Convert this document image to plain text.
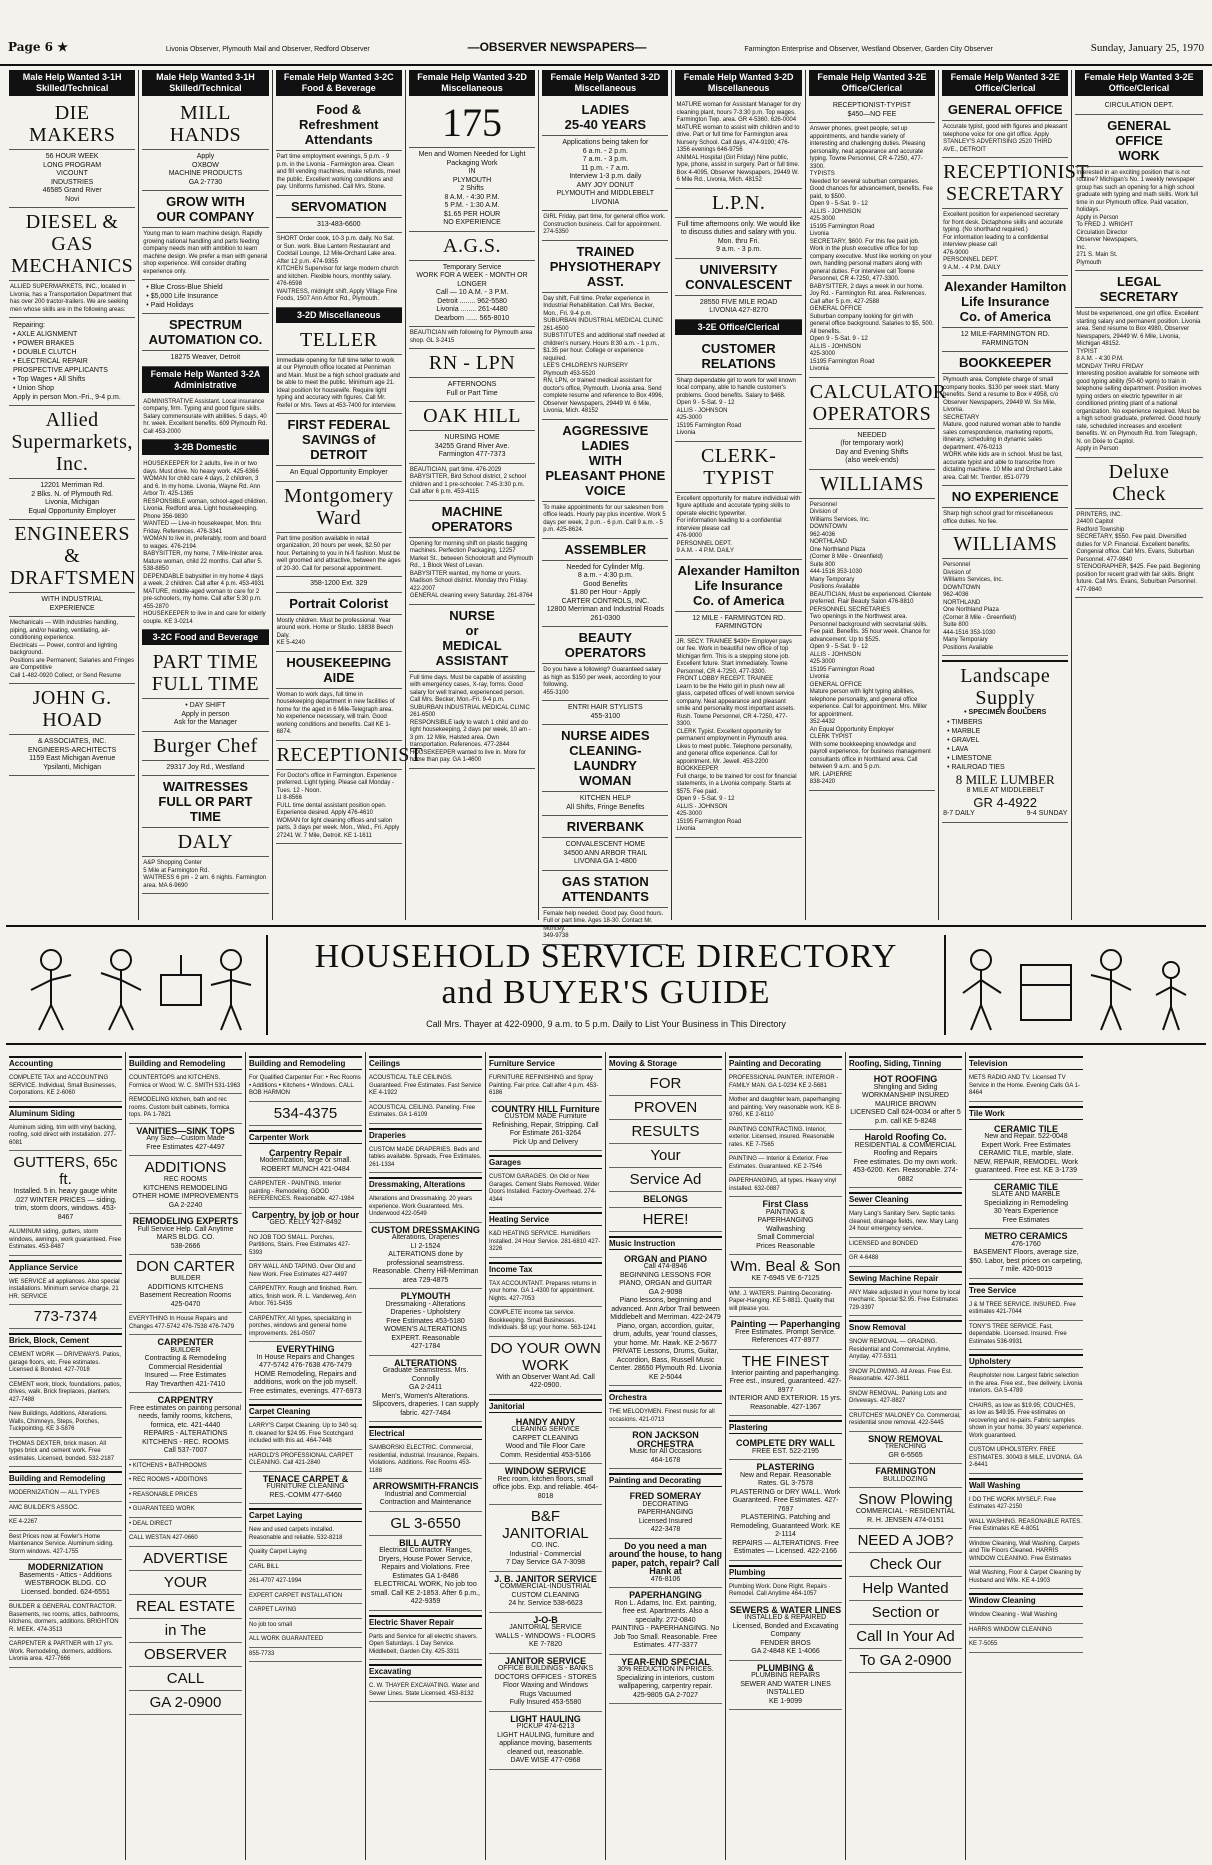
Page 6 ★	Livonia Observer, Plymouth Mail and Observer, Redford Observer	—OBSERVER NEWSPAPERS—	Farmington Enterprise and Observer, Westland Observer, Garden City Observer	Sunday, January 25, 1970
Male Help Wanted 3-1H Skilled/Technical
DIE MAKERS
56 HOUR WEEK
LONG PROGRAM
VICOUNT
INDUSTRIES
46585 Grand River
Novi
DIESEL & GAS
MECHANICS
ALLIED SUPERMARKETS, INC., located in Livonia, has a Transportation Department that has over 200 tractor-trailers. We are seeking men whose skills are in the following areas:
Repairing:
• AXLE ALIGNMENT
• POWER BRAKES
• DOUBLE CLUTCH
• ELECTRICAL REPAIR
PROSPECTIVE APPLICANTS
• Top Wages • All Shifts
• Union Shop
Apply in person Mon.-Fri., 9-4 p.m.
Allied
Supermarkets,
Inc.
12201 Merriman Rd.
2 Blks. N. of Plymouth Rd.
Livonia, Michigan
Equal Opportunity Employer
ENGINEERS
&
DRAFTSMEN
WITH INDUSTRIAL
EXPERIENCE
Mechanicals — With industries handling, piping, and/or heating, ventilating, air-conditioning experience.
Electricals — Power, control and lighting background.
Positions are Permanent; Salaries and Fringes are Competitive
Call 1-482-0920 Collect, or Send Resume
JOHN G.
HOAD
& ASSOCIATES, INC.
ENGINEERS-ARCHITECTS
1159 East Michigan Avenue
Ypsilanti, Michigan
Male Help Wanted 3-1H Skilled/Technical
MILL HANDS
Apply
OXBOW
MACHINE PRODUCTS
GA 2-7730
GROW WITH
OUR COMPANY
Young man to learn machine design. Rapidly growing national handling and parts feeding company needs man with ambition to learn machine design. We prefer a man with general shop experience. Will consider drafting experience only.
• Blue Cross-Blue Shield
• $5,000 Life Insurance
• Paid Holidays
SPECTRUM
AUTOMATION CO.
18275 Weaver, Detroit
Female Help Wanted 3-2A Administrative
ADMINISTRATIVE Assistant. Local insurance company, firm. Typing and good figure skills. Salary commensurate with abilities. 5 days, 40 hr. week. Excellent benefits. 609 Plymouth Rd. Call 453-2000
3-2B Domestic
HOUSEKEEPER for 2 adults, live in or two days. Must drive. No heavy work. 425-6366
WOMAN for child care 4 days, 2 children, 3 and 6. In my home. Livonia, Wayne Rd. Ann Arbor Tr. 425-1365
RESPONSIBLE woman, school-aged children. Livonia. Redford area. Light housekeeping. Phone 356-9830
WANTED — Live-in housekeeper, Mon. thru Friday. References. 476-3341
WOMAN to live in, preferably, room and board to wages. 476-2194
BABYSITTER, my home, 7 Mile-Inkster area. Mature woman, child 22 months. Call after 5. 538-8850
DEPENDABLE babysitter in my home 4 days a week. 2 children. Call after 4 p.m. 453-4931
MATURE, middle-aged woman to care for 2 pre-schoolers, my home. Call after 5:30 p.m. 455-2870
HOUSEKEEPER to live in and care for elderly couple. KE 3-0214
3-2C Food and Beverage
PART TIME
FULL TIME
• DAY SHIFT
Apply in person
Ask for the Manager
Burger Chef
29317 Joy Rd., Westland
WAITRESSES
FULL OR PART TIME
DALY
A&P Shopping Center
5 Mile at Farmington Rd.
WAITRESS 6 pm - 2 am. 6 nights. Farmington area. MA 6-9690
Female Help Wanted 3-2C Food & Beverage
Food & Refreshment
Attendants
Part time employment evenings, 5 p.m. - 9 p.m. in the Livonia - Farmington area. Clean and fill vending machines, make refunds, meet the public. Excellent working conditions and pay. Uniforms furnished. Call Mrs. Stone.
SERVOMATION
313-483-6600
SHORT Order cook, 10-3 p.m. daily. No Sat. or Sun. work. Blue Lantern Restaurant and Cocktail Lounge, 12 Mile-Orchard Lake area. After 12 p.m. 474-9355
KITCHEN Supervisor for large modern church and kitchen. Flexible hours, monthly salary. 476-6598
WAITRESS, midnight shift. Apply Village Fine Foods, 1507 Ann Arbor Rd., Plymouth.
3-2D Miscellaneous
TELLER
Immediate opening for full time teller to work at our Plymouth office located at Penniman and Main. Must be a high school graduate and be able to meet the public. Minimum age 21. Ideal position for housewife. Require light typing and accuracy with figures. Call Mr. Reifel or Mrs. Tews at 453-7400 for interview.
FIRST FEDERAL
SAVINGS of DETROIT
An Equal Opportunity Employer
Montgomery
Ward
Part time position available in retail organization, 20 hours per week, $2.50 per hour. Pertaining to you in hi-fi fashion. Must be well groomed and attractive, between the ages of 20-30. Call for personal appointment.
358-1200 Ext. 329
Portrait Colorist
Mostly children. Must be professional. Year around work. Home or Studio. 18838 Beech Daly.
KE 5-4240
HOUSEKEEPING
AIDE
Woman to work days, full time in housekeeping department in new facilities of home for the aged in 6 Mile-Telegraph area. No experience necessary, will train. Good working conditions and benefits. Call KE 1-6874.
RECEPTIONIST
For Doctor's office in Farmington. Experience preferred. Light typing. Please call Monday - Tues. 12 - Noon.
LI 8-8566
FULL time dental assistant position open. Experience desired. Apply 476-4610
WOMAN for light cleaning offices and salon parts, 3 days per week. Mon., Wed., Fri. Apply 27241 W. 7 Mile, Detroit. KE 1-1611
Female Help Wanted 3-2D Miscellaneous
175
Men and Women Needed for Light Packaging Work
IN
PLYMOUTH
2 Shifts
8 A.M. - 4:30 P.M.
5 P.M. - 1:30 A.M.
$1.65 PER HOUR
NO EXPERIENCE
A.G.S.
Temporary Service
WORK FOR A WEEK - MONTH OR LONGER
Call — 10 A.M. - 3 P.M.
Detroit ........ 962-5580
Livonia ........ 261-4480
Dearborn ...... 565-8010
BEAUTICIAN with following for Plymouth area shop. GL 3-2415
RN - LPN
AFTERNOONS
Full or Part Time
OAK HILL
NURSING HOME
34255 Grand River Ave.
Farmington 477-7373
BEAUTICIAN, part time. 476-2029
BABYSITTER, Bird School district, 2 school children and 1 pre-schooler. 7:45-3:30 p.m. Call after 6 p.m. 453-4115
MACHINE
OPERATORS
Opening for morning shift on plastic bagging machines. Perfection Packaging, 12257 Market St., between Schoolcraft and Plymouth Rd., 1 Block West of Levan.
BABYSITTER wanted, my home or yours. Madison School district. Monday thru Friday. 422-2007
GENERAL cleaning every Saturday. 261-8764
NURSE
or
MEDICAL ASSISTANT
Full time days. Must be capable of assisting with emergency cases, X-ray, forms. Good salary for well trained, experienced person. Call Mrs. Becker, Mon.-Fri. 9-4 p.m.
SUBURBAN INDUSTRIAL MEDICAL CLINIC
261-6500
RESPONSIBLE lady to watch 1 child and do light housekeeping, 2 days per week, 10 am - 3 pm. 12 Mile, Halsted area. Own transportation. References. 477-2844
HOUSEKEEPER wanted to live in. More for home than pay. GA 1-4600
Female Help Wanted 3-2D Miscellaneous
LADIES
25-40 YEARS
Applications being taken for
6 a.m. - 2 p.m.
7 a.m. - 3 p.m.
11 p.m. - 7 a.m.
Interview 1-3 p.m. daily
AMY JOY DONUT
PLYMOUTH and MIDDLEBELT
LIVONIA
GIRL Friday, part time, for general office work. Construction business. Call for appointment. 274-5350
TRAINED
PHYSIOTHERAPY ASST.
Day shift, Full time. Prefer experience in Industrial Rehabilitation. Call Mrs. Becker, Mon., Fri. 9-4 p.m.
SUBURBAN INDUSTRIAL MEDICAL CLINIC 261-6500
SUBSTITUTES and additional staff needed at children's nursery. Hours 8:30 a.m. - 1 p.m., $1.35 per hour. College or experience required.
LEE'S CHILDREN'S NURSERY
Plymouth 453-5520
RN, LPN, or trained medical assistant for doctor's office, Plymouth. Livonia area. Send complete resume and reference to Box 4996, Observer Newspapers, 29449 W. 6 Mile, Livonia, Mich. 48152
AGGRESSIVE LADIES
WITH
PLEASANT PHONE
VOICE
To make appointments for our salesmen from office leads. Hourly pay plus incentive. Work 5 days per week, 2 p.m. - 6 p.m. Call 9 a.m. - 5 p.m. 425-8624.
ASSEMBLER
Needed for Cylinder Mfg.
8 a.m. - 4:30 p.m.
Good Benefits
$1.80 per Hour - Apply
CARTER CONTROLS, INC.
12800 Merriman and Industrial Roads
261-0300
BEAUTY OPERATORS
Do you have a following? Guaranteed salary as high as $150 per week, according to your following.
455-3100
ENTRI HAIR STYLISTS
455-3100
NURSE AIDES
CLEANING-LAUNDRY
WOMAN
KITCHEN HELP
All Shifts, Fringe Benefits
RIVERBANK
CONVALESCENT HOME
34500 ANN ARBOR TRAIL
LIVONIA GA 1-4800
GAS STATION
ATTENDANTS
Female help needed. Good pay. Good hours. Full or part time. Ages 18-30. Contact Mr. Muncey.
349-9738
Female Help Wanted 3-2D Miscellaneous
MATURE woman for Assistant Manager for dry cleaning plant, hours 7-3:30 p.m. Top wages. Farmington Twp. area. GR 4-5360. 626-0004
MATURE woman to assist with children and to drive. Part or full time for Farmington area Nursery School. Call days, 474-9190; 476-1356 evenings 646-9756
ANIMAL Hospital (Girl Friday) Nine public, type, phone, assist in surgery. Part or full time. Box 4-4095, Observer Newspapers, 29449 W. 6 Mile Rd., Livonia, Mich. 48152
L.P.N.
Full time afternoons only. We would like to discuss duties and salary with you.
Mon. thru Fri.
9 a.m. - 3 p.m.
UNIVERSITY
CONVALESCENT
28550 FIVE MILE ROAD
LIVONIA 427-8270
3-2E Office/Clerical
CUSTOMER RELATIONS
Sharp dependable girl to work for well known local company, able to handle customer's problems. Good benefits. Salary to $468.
Open 9 - 5-Sat. 9 - 12
ALLIS - JOHNSON
425-3000
15195 Farmington Road
Livonia
CLERK-TYPIST
Excellent opportunity for mature individual with figure aptitude and accurate typing skills to operate electric typewriter.
For information leading to a confidential interview please call
476-9000
PERSONNEL DEPT.
9 A.M. - 4 P.M. DAILY
Alexander Hamilton
Life Insurance
Co. of America
12 MILE - FARMINGTON RD.
FARMINGTON
JR. SECY. TRAINEE $430+ Employer pays our fee. Work in beautiful new office of top Michigan firm. This is a stepping stone job. Excellent future. Start immediately. Towne Personnel, CR 4-7250, 477-3300.
FRONT LOBBY RECEPT. TRAINEE
Learn to be the Hello girl in plush new all glass, carpeted offices of well known service company. Neat appearance and pleasant smile and personality most important assets. Rush. Towne Personnel, CR 4-7250, 477-3300.
CLERK Typist. Excellent opportunity for permanent employment in Plymouth area. Likes to meet public. Telephone personality, and general office experience. Call for appointment. Mr. Jewell. 453-2200
BOOKKEEPER
Full charge, to be trained for cost for financial statements, in a Livonia company. Starts at $575. Fee paid.
Open 9 - 5-Sat. 9 - 12
ALLIS - JOHNSON
425-3000
15195 Farmington Road
Livonia
Female Help Wanted 3-2E Office/Clerical
RECEPTIONIST-TYPIST
$450—NO FEE
Answer phones, greet people, set up appointments, and handle variety of interesting and challenging duties. Pleasing personality, neat appearance and accurate typing. Towne Personnel, CR 4-7250, 477-3300.
TYPISTS
Needed for several suburban companies. Good chances for advancement, benefits. Fee paid, to $500.
Open 9 - 5-Sat. 9 - 12
ALLIS - JOHNSON
425-3000
15195 Farmington Road
Livonia
SECRETARY, $600. For this fee paid job. Work in the plush executive office for top company executive. Must like working on your own, handling personal matters along with general duties. For interview call Towne Personnel, CR 4-7250, 477-3300.
BABYSITTER, 2 days a week in our home. Joy Rd. - Farmington Rd. area. References. Call after 5 p.m. 427-2588
GENERAL OFFICE
Suburban company looking for girl with general office background. Salaries to $5, 500. All benefits.
Open 9 - 5-Sat. 9 - 12
ALLIS - JOHNSON
425-3000
15195 Farmington Road
Livonia
CALCULATOR
OPERATORS
NEEDED
(for temporary work)
Day and Evening Shifts
(also week-ends)
WILLIAMS
Personnel
Division of
Williams Services, Inc.
DOWNTOWN
962-4036
NORTHLAND
One Northland Plaza
(Corner 8 Mile - Greenfield)
Suite 800
444-1516 353-1030
Many Temporary
Positions Available
BEAUTICIAN, Must be experienced. Clientele preferred. Flair Beauty Salon 476-8810
PERSONNEL SECRETARIES
Two openings in the Northwest area. Personnel background with secretarial skills. Fee paid. Benefits. 35 hour week. Chance for advancement. Up to $525.
Open 9 - 5-Sat. 9 - 12
ALLIS - JOHNSON
425-3000
15195 Farmington Road
Livonia
GENERAL OFFICE
Mature person with light typing abilities, telephone personality, and general office experience. Call for appointment. Mrs. Miller for appointment.
352-4432
An Equal Opportunity Employer
CLERK TYPIST
With some bookkeeping knowledge and payroll experience, for business management consultants office in Northland area. Call between 9 a.m. and 5 p.m.
MR. LAPIERRE
838-2420
Female Help Wanted 3-2E Office/Clerical
GENERAL OFFICE
Accurate typist, good with figures and pleasant telephone voice for one girl office. Apply STANLEY'S ADVERTISING 2520 THIRD AVE., DETROIT
RECEPTIONIST
SECRETARY
Excellent position for experienced secretary for front desk. Dictaphone skills and accurate typing. (No shorthand required.)
For information leading to a confidential interview please call
476-9000
PERSONNEL DEPT.
9 A.M. - 4 P.M. DAILY
Alexander Hamilton
Life Insurance
Co. of America
12 MILE-FARMINGTON RD.
FARMINGTON
BOOKKEEPER
Plymouth area. Complete charge of small company books. $130 per week start. Many benefits. Send a resume to Box # 4958, c/o Observer Newspapers, 29449 W. Six Mile, Livonia.
SECRETARY
Mature, good natured woman able to handle sales correspondence, marketing reports, itinerary, scheduling in dynamic sales department. 476-0213
WORK while kids are in school. Must be fast, accurate typist and able to transcribe from dictating machine. 10 Mile and Orchard Lake area. Call Mr. Trentler. 851-0779
NO EXPERIENCE
Sharp high school grad for miscellaneous office duties. No fee.
WILLIAMS
Personnel
Division of
Williams Services, Inc.
DOWNTOWN
962-4036
NORTHLAND
One Northland Plaza
(Corner 8 Mile - Greenfield)
Suite 800
444-1516 353-1030
Many Temporary
Positions Available
Landscape Supply
• SPECIMEN BOULDERS
• TIMBERS
• MARBLE
• GRAVEL
• LAVA
• LIMESTONE
• RAILROAD TIES
8 MILE LUMBER
8 MILE AT MIDDLEBELT
GR 4-4922
8-7 DAILY	9-4 SUNDAY
Female Help Wanted 3-2E Office/Clerical
CIRCULATION DEPT.
GENERAL
OFFICE
WORK
Interested in an exciting position that is not routine? Michigan's No. 1 weekly newspaper group has such an opening for a high school graduate with typing and math skills. Work full time in our Plymouth office. Paid vacation, holidays.
Apply in Person
To FRED J. WRIGHT
Circulation Director
Observer Newspapers,
Inc.
271 S. Main St.
Plymouth
LEGAL SECRETARY
Must be experienced, one girl office. Excellent starting salary and permanent position. Livonia area. Send resume to Box 4980, Observer Newspapers, 29449 W. 6 Mile, Livonia, Michigan 48152.
TYPIST
8 A.M. - 4:30 P.M.
MONDAY THRU FRIDAY
Interesting position available for someone with good typing ability (50-60 wpm) to train in telephone selling department. Position involves typing orders on electric typewriter in air conditioned printing plant of a national organization. No experience required. Must be a high school graduate, preferred. Good hourly rate, scheduled increases and excellent benefits. W. on Plymouth Rd. from Telegraph, N. on Dixie to Capitol.
Apply in Person
Deluxe
Check
PRINTERS, INC.
24400 Capitol
Redford Township
SECRETARY, $550. Fee paid. Diversified duties for V.P. Financial. Excellent benefits. Congenial office. Call Mrs. Evans, Suburban Personnel. 477-9840
STENOGRAPHER, $425. Fee paid. Beginning position for recent grad with fair skills. Bright future. Call Mrs. Evans, Suburban Personnel. 477-9840
HOUSEHOLD SERVICE DIRECTORY
and BUYER'S GUIDE
Call Mrs. Thayer at 422-0900, 9 a.m. to 5 p.m. Daily to List Your Business in This Directory
Accounting
COMPLETE TAX and ACCOUNTING SERVICE. Individual, Small Businesses, Corporations. KE 2-6060
Aluminum Siding
Aluminum siding, trim with vinyl backing, roofing, sold direct with installation. 277-6081
GUTTERS, 65c ft.
Installed. 5 in. heavy gauge white .027 WINTER PRICES — siding, trim, storm doors, windows. 453-8467
ALUMINUM siding, gutters, storm windows, awnings, work guaranteed. Free Estimates. 453-8487
Appliance Service
WE SERVICE all appliances. Also special installations. Minimum service charge. 21 HR. SERVICE
773-7374
Brick, Block, Cement
CEMENT WORK — DRIVEWAYS. Patios, garage floors, etc. Free estimates. Licensed & Bonded. 427-7018
CEMENT work, block, foundations, patios, drives, walk. Brick fireplaces, planters. 427-7488
New Buildings, Additions, Alterations. Walls, Chimneys, Steps, Porches, Tuckpointing. KE 3-5876
THOMAS DEXTER, brick mason. All types brick and cement work. Free estimates. Licensed, bonded. 532-2187
Building and Remodeling
MODERNIZATION — ALL TYPES
AMC BUILDER'S ASSOC.
KE 4-2267
Best Prices now at Fowler's Home Maintenance Service. Aluminum siding. Storm windows. 427-1755
MODERNIZATION
Basements - Attics - Additions
WESTBROOK BLDG. CO
Licensed. bonded. 624-6551
BUILDER & GENERAL CONTRACTOR. Basements, rec rooms, attics, bathrooms, kitchens, dormers, additions. BRIGHTON R. MEEK. 474-3513
CARPENTER & PARTNER with 17 yrs. Work. Remodeling, dormers, additions. Livonia area. 427-7666
Building and Remodeling
COUNTERTOPS and KITCHENS. Formica or Wood. W. C. SMITH 531-1963
REMODELING kitchen, bath and rec rooms. Custom built cabinets, formica tops. PA 1-7821
VANITIES—SINK TOPS
Any Size—Custom Made
Free Estimates 427-4497
ADDITIONS
REC ROOMS
KITCHENS REMODELING
OTHER HOME IMPROVEMENTS
GA 2-2240
REMODELING EXPERTS
Full Service Help. Call Anytime
MARS BLDG. CO.
538-2666
DON CARTER
BUILDER
ADDITIONS KITCHENS
Basement Recreation Rooms
425-0470
EVERYTHING In House Repairs and Changes 477-5742 476-7538 476-7479
CARPENTER
BUILDER
Contracting & Remodeling
Commercial Residential
Insured — Free Estimates
Ray Trevarthen 421-7410
CARPENTRY
Free estimates on painting personal needs, family rooms, kitchens, formica, etc. 421-4440
REPAIRS - ALTERATIONS
KITCHENS - REC. ROOMS
Call 537-7007
• KITCHENS • BATHROOMS
• REC ROOMS • ADDITIONS
• REASONABLE PRICES
• GUARANTEED WORK
• DEAL DIRECT
CALL WESTAN 427-0660
ADVERTISE
YOUR
REAL ESTATE
in The
OBSERVER
CALL
GA 2-0900
Building and Remodeling
For Qualified Carpenter For: • Rec Rooms • Additions • Kitchens • Windows. CALL BOB HARMON
534-4375
Carpenter Work
Carpentry Repair
Modernization, large or small. ROBERT MUNCH 421-0484
CARPENTER - PAINTING. Interior painting - Remodeling. GOOD REFERENCES. Reasonable. 427-1984
Carpentry, by job or hour
GEO. KELLY 427-8492
NO JOB TOO SMALL. Porches, Partitions, Stairs. Free Estimates 427-5393
DRY WALL AND TAPING. Over Old and New Work. Free Estimates 427-4497
CARPENTRY. Rough and finished. Rem. attics, finish work. R. L. Vanderweg, Ann Arbor. 761-5435
CARPENTRY, All types, specializing in porches, windows and general home improvements. 261-0507
EVERYTHING
In House Repairs and Changes 477-5742 476-7638 476-7479
HOME Remodeling, Repairs and additions, work on the job myself. Free estimates, evenings. 477-6973
Carpet Cleaning
LARRY'S Carpet Cleaning. Up to 340 sq. ft. cleaned for $24.95. Free Scotchgard included with this ad. 464-7448
HAROLD'S PROFESSIONAL CARPET CLEANING. Call 421-2840
TENACE CARPET &
FURNITURE CLEANING
RES.-COMM 477-6460
Carpet Laying
New and used carpets installed. Reasonable and reliable. 532-8218
Quality Carpet Laying
CARL BILL
261-4707 427-1994
EXPERT CARPET INSTALLATION
CARPET LAYING
No job too small
ALL WORK GUARANTEED
855-7733
Ceilings
ACOUSTICAL TILE CEILINGS. Guaranteed. Free Estimates. Fast Service KE 4-1922
ACOUSTICAL CEILING. Paneling. Free Estimates. GA 1-6109
Draperies
CUSTOM MADE DRAPERIES. Beds and tables available. Spreads, Free Estimates. 261-1334
Dressmaking, Alterations
Alterations and Dressmaking. 20 years experience. Work Guaranteed. Mrs. Underwood 422-0549
CUSTOM DRESSMAKING
Alterations, Draperies
LI 2-1524
ALTERATIONS done by professional seamstress. Reasonable. Cherry Hill-Merriman area 729-4875
PLYMOUTH
Dressmaking - Alterations
Draperies - Upholstery
Free Estimates 453-5180
WOMEN'S ALTERATIONS
EXPERT. Reasonable
427-1784
ALTERATIONS
Graduate Seamstress. Mrs. Connolly
GA 2-2411
Men's, Women's Alterations. Slipcovers, draperies. I can supply fabric. 427-7484
Electrical
SAMBORSKI ELECTRIC. Commercial, residential, industrial. Insurance, Repairs. Violations. Additions. Rec Rooms 453-1188
ARROWSMITH-FRANCIS
Industrial and Commercial Contraction and Maintenance
GL 3-6550
BILL AUTRY
Electrical Contractor. Ranges, Dryers, House Power Service, Repairs and Violations. Free Estimates GA 1-8486
ELECTRICAL WORK, No job too small. Call KE 2-1853. After 6 p.m., 422-9359
Electric Shaver Repair
Parts and Service for all electric shavers. Open Saturdays. 1 Day Service. Middlebelt, Garden City. 425-3311
Excavating
C. W. THAYER EXCAVATING. Water and Sewer Lines. State Licensed. 453-8132
Furniture Service
FURNITURE REFINISHING and Spray Painting. Fair price. Call after 4 p.m. 453-6186
COUNTRY HILL Furniture
CUSTOM MADE Furniture
Refinishing, Repair, Stripping. Call For Estimate 261-3264
Pick Up and Delivery
Garages
CUSTOM GARAGES. On Old or New Garages. Cement Slabs Removed. Wider Doors Installed. Factory-Overhead. 274-4344
Heating Service
K&D HEATING SERVICE. Humidifiers Installed. 24 Hour Service. 281-6810 427-3226
Income Tax
TAX ACCOUNTANT. Prepares returns in your home. GA 1-4300 for appointment. Nights. 427-7053
COMPLETE income tax service. Bookkeeping. Small Businesses. Individuals. $8 up; your home. 563-1241
DO YOUR OWN WORK
With an Observer Want Ad. Call 422-0900.
Janitorial
HANDY ANDY
CLEANING SERVICE
CARPET CLEANING
Wood and Tile Floor Care
Comm. Residential 453-5166
WINDOW SERVICE
Rec room, kitchen floors, small office jobs. Exp. and reliable. 464-8018
B&F JANITORIAL
CO. INC.
Industrial - Commercial
7 Day Service GA 7-3098
J. B. JANITOR SERVICE
COMMERCIAL-INDUSTRIAL
CUSTOM CLEANING
24 hr. Service 538-6623
J-O-B
JANITORIAL SERVICE
WALLS - WINDOWS - FLOORS
KE 7-7820
JANITOR SERVICE
OFFICE BUILDINGS - BANKS
DOCTORS OFFICES - STORES
Floor Waxing and Windows
Rugs Vacuumed
Fully Insured 453-5580
LIGHT HAULING
PICKUP 474-6213
LIGHT HAULING, furniture and appliance moving, basements cleaned out, reasonable.
DAVE WISE 477-0968
Moving & Storage
FOR
PROVEN
RESULTS
Your
Service Ad
BELONGS
HERE!
Music Instruction
ORGAN and PIANO
Call 474-8946
BEGINNING LESSONS FOR PIANO, ORGAN and GUITAR
GA 2-9098
Piano lessons, beginning and advanced. Ann Arbor Trail between Middlebelt and Merriman. 422-2479
Piano, organ, accordion, guitar, drum, adults, year 'round classes, your home. Mr. Hawk. KE 2-5677
PRIVATE Lessons, Drums, Guitar, Accordion, Bass, Russell Music Center. 28650 Plymouth Rd. Livonia KE 2-5044
Orchestra
THE MELODYMEN. Finest music for all occasions. 421-0713
RON JACKSON ORCHESTRA
Music for All Occasions
464-1678
Painting and Decorating
FRED SOMERAY
DECORATING
PAPERHANGING
Licensed Insured
422-3478
Do you need a man around the house, to hang paper, patch, repair? Call Hank at
476-8106
PAPERHANGING
Ron L. Adams, Inc. Ext. painting, free est. Apartments. Also a specialty. 272-0840
PAINTING - PAPERHANGING. No Job Too Small. Reasonable. Free Estimates. 477-3377
YEAR-END SPECIAL
30% REDUCTION IN PRICES. Specializing in interiors, custom wallpapering, carpentry repair.
425-9805 GA 2-7027
Painting and Decorating
PROFESSIONAL PAINTER. INTERIOR - FAMILY MAN. GA 1-0234 KE 2-5681
Mother and daughter team, paperhanging and painting. Very reasonable work. KE 8-9760, KE 2-6110
PAINTING CONTRACTING. Interior, exterior. Licensed, insured. Reasonable rates. KE 7-7565
PAINTING — Interior & Exterior. Free Estimates. Guaranteed. KE 2-7546
PAPERHANGING, all types. Heavy vinyl installed. 632-0887
First Class
PAINTING &
PAPERHANGING
Wallwashing
Small Commercial
Prices Reasonable
Wm. Beal & Son
KE 7-6945 VE 6-7125
WM. J. WATERS. Painting-Decorating-Paper-Hanging. KE 5-8811. Quality that will please you.
Painting — Paperhanging
Free Estimates. Prompt Service. References 477-8977
THE FINEST
Interior painting and paperhanging. Free est., insured, guaranteed. 427-8977
INTERIOR AND EXTERIOR. 15 yrs. Reasonable. 427-1367
Plastering
COMPLETE DRY WALL
FREE EST. 522-2195
PLASTERING
New and Repair. Reasonable Rates. GL 3-7578
PLASTERING or DRY WALL. Work Guaranteed. Free Estimates. 427-7697
PLASTERING. Patching and Remodeling, Guaranteed Work. KE 2-1114
REPAIRS — ALTERATIONS. Free Estimates — Licensed. 422-2166
Plumbing
Plumbing Work. Done Right. Repairs · Remodel. Call Anytime 464-1057
SEWERS & WATER LINES
INSTALLED & REPAIRED
Licensed, Bonded and Excavating Company
FENDER BROS
GA 2-4848 KE 1-4066
PLUMBING &
PLUMBING REPAIRS
SEWER AND WATER LINES INSTALLED
KE 1-9099
Roofing, Siding, Tinning
HOT ROOFING
Shingling and Siding
WORKMANSHIP INSURED
MAURICE BROWN
LICENSED Call 624-0034 or after 5 p.m. call KE 5-8248
Harold Roofing Co.
RESIDENTIAL & COMMERCIAL
Roofing and Repairs
Free estimates. Do my own work. 453-6200. Ken. Reasonable. 274-6882
Sewer Cleaning
Mary Lang's Sanitary Serv. Septic tanks cleaned, drainage fields, new. Mary Lang 24 hour emergency service.
LICENSED and BONDED
GR 4-6488
Sewing Machine Repair
ANY Make adjusted in your home by local mechanic. Special $2.95. Free Estimates 729-3397
Snow Removal
SNOW REMOVAL — GRADING. Residential and Commercial. Anytime, Anyday. 477-5311
SNOW PLOWING. All Areas. Free Est. Reasonable. 427-3611
SNOW REMOVAL. Parking Lots and Driveways. 427-8827
CRUTCHES' MALONEY Co. Commercial, residential snow removal. 422-5445
SNOW REMOVAL
TRENCHING
GR 6-5565
FARMINGTON
BULLDOZING
Snow Plowing
COMMERCIAL - RESIDENTIAL
R. H. JENSEN 474-0151
NEED A JOB?
Check Our
Help Wanted
Section or
Call In Your Ad
To GA 2-0900
Television
METS RADIO AND TV. Licensed TV Service in the Home. Evening Calls GA 1-8464
Tile Work
CERAMIC TILE
New and Repair. 522-0048
Expert Work. Free Estimates
CERAMIC TILE, marble, slate. NEW, REPAIR, REMODEL. Work guaranteed. Free est. KE 3-1739
CERAMIC TILE
SLATE AND MARBLE
Specializing in Remodeling
30 Years Experience
Free Estimates
METRO CERAMICS
476-1760
BASEMENT Floors, average size, $50. Labor, best prices on carpeting, 7 mile. 420-0019
Tree Service
J & M TREE SERVICE. INSURED. Free estimates 421-7044
TONY'S TREE SERVICE. Fast, dependable. Licensed. Insured. Free Estimates 536-9931
Upholstery
Reupholster now. Largest fabric selection in the area. Free est., free delivery. Livonia Interiors. GA 5-4789
CHAIRS, as low as $19.95; COUCHES, as low as $49.95. Free estimates on recovering and re-pairs. Fabric samples shown in your home. 30 years' experience. Work guaranteed.
CUSTOM UPHOLSTERY. FREE ESTIMATES. 30043 8 MILE, LIVONIA. GA 2-6441
Wall Washing
I DO THE WORK MYSELF. Free Estimates 427-2150
WALL WASHING. REASONABLE RATES. Free Estimates KE 4-8051
Window Cleaning, Wall Washing. Carpets and Tile Floors Cleaned. HARRIS WINDOW CLEANING. Free Estimates
Wall Washing, Floor & Carpet Cleaning by Husband and Wife. KE 4-1903
Window Cleaning
Window Cleaning - Wall Washing
HARRIS WINDOW CLEANING
KE 7-5055
